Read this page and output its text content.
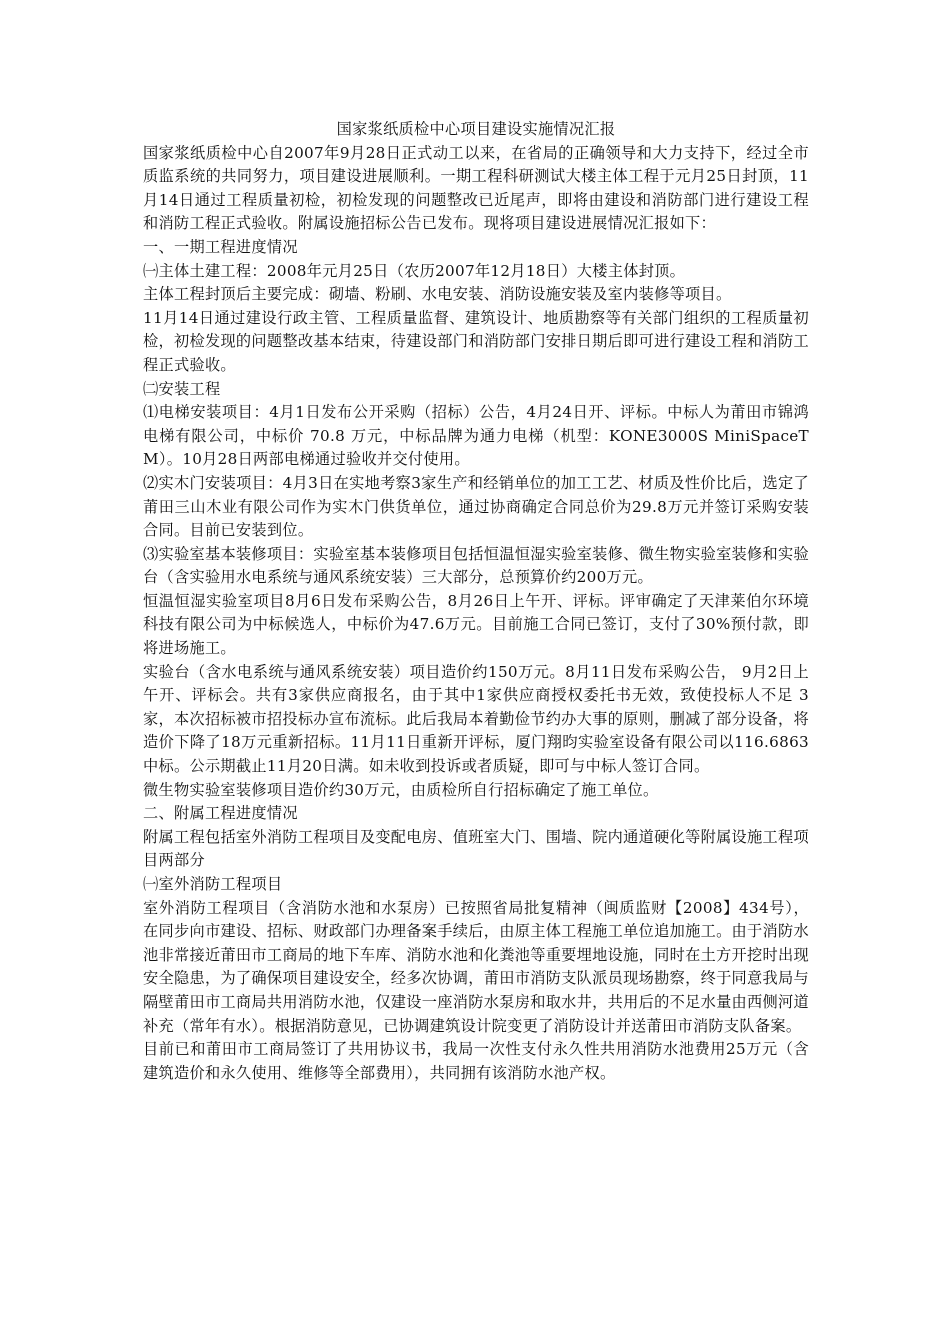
国家浆纸质检中心项目建设实施情况汇报

国家浆纸质检中心自2007年9月28日正式动工以来，在省局的正确领导和大力支持下，经过全市质监系统的共同努力，项目建设进展顺利。一期工程科研测试大楼主体工程于元月25日封顶，11月14日通过工程质量初检，初检发现的问题整改已近尾声，即将由建设和消防部门进行建设工程和消防工程正式验收。附属设施招标公告已发布。现将项目建设进展情况汇报如下：

一、一期工程进度情况

㈠主体土建工程：2008年元月25日（农历2007年12月18日）大楼主体封顶。

主体工程封顶后主要完成：砌墙、粉刷、水电安装、消防设施安装及室内装修等项目。

11月14日通过建设行政主管、工程质量监督、建筑设计、地质勘察等有关部门组织的工程质量初检，初检发现的问题整改基本结束，待建设部门和消防部门安排日期后即可进行建设工程和消防工程正式验收。

㈡安装工程

⑴电梯安装项目：4月1日发布公开采购（招标）公告，4月24日开、评标。中标人为莆田市锦鸿电梯有限公司，中标价 70.8 万元，中标品牌为通力电梯（机型：KONE3000S MiniSpaceTM）。10月28日两部电梯通过验收并交付使用。

⑵实木门安装项目：4月3日在实地考察3家生产和经销单位的加工工艺、材质及性价比后，选定了莆田三山木业有限公司作为实木门供货单位，通过协商确定合同总价为29.8万元并签订采购安装合同。目前已安装到位。

⑶实验室基本装修项目：实验室基本装修项目包括恒温恒湿实验室装修、微生物实验室装修和实验台（含实验用水电系统与通风系统安装）三大部分，总预算价约200万元。

恒温恒湿实验室项目8月6日发布采购公告，8月26日上午开、评标。评审确定了天津莱伯尔环境科技有限公司为中标候选人，中标价为47.6万元。目前施工合同已签订，支付了30%预付款，即将进场施工。

实验台（含水电系统与通风系统安装）项目造价约150万元。8月11日发布采购公告， 9月2日上午开、评标会。共有3家供应商报名，由于其中1家供应商授权委托书无效，致使投标人不足 3 家，本次招标被市招投标办宣布流标。此后我局本着勤俭节约办大事的原则，删减了部分设备，将造价下降了18万元重新招标。11月11日重新开评标，厦门翔昀实验室设备有限公司以116.6863中标。公示期截止11月20日满。如未收到投诉或者质疑，即可与中标人签订合同。

微生物实验室装修项目造价约30万元，由质检所自行招标确定了施工单位。

二、附属工程进度情况

附属工程包括室外消防工程项目及变配电房、值班室大门、围墙、院内通道硬化等附属设施工程项目两部分

㈠室外消防工程项目

室外消防工程项目（含消防水池和水泵房）已按照省局批复精神（闽质监财【2008】434号），在同步向市建设、招标、财政部门办理备案手续后，由原主体工程施工单位追加施工。由于消防水池非常接近莆田市工商局的地下车库、消防水池和化粪池等重要埋地设施，同时在土方开挖时出现安全隐患，为了确保项目建设安全，经多次协调，莆田市消防支队派员现场勘察，终于同意我局与隔壁莆田市工商局共用消防水池，仅建设一座消防水泵房和取水井，共用后的不足水量由西侧河道补充（常年有水）。根据消防意见，已协调建筑设计院变更了消防设计并送莆田市消防支队备案。

目前已和莆田市工商局签订了共用协议书，我局一次性支付永久性共用消防水池费用25万元（含建筑造价和永久使用、维修等全部费用），共同拥有该消防水池产权。
